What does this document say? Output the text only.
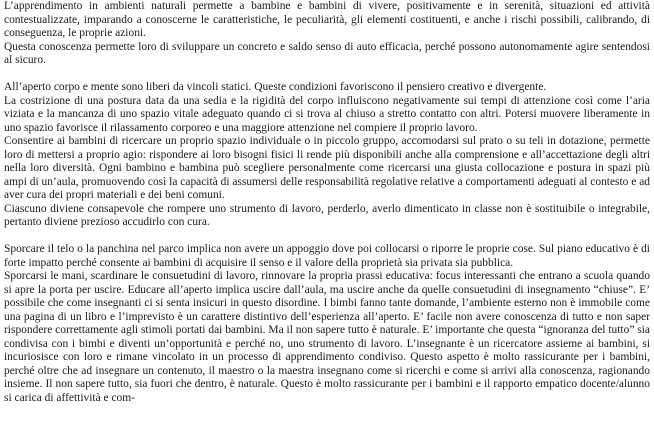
L’apprendimento in ambienti naturali permette a bambine e bambini di vivere, positivamente e in serenità, situazioni ed attività contestualizzate, imparando a conoscerne le caratteristiche, le peculiarità, gli elementi costituenti, e anche i rischi possibili, calibrando, di conseguenza, le proprie azioni.

Questa conoscenza permette loro di sviluppare un concreto e saldo senso di auto efficacia, perché possono autonomamente agire sentendosi al sicuro.

All’aperto corpo e mente sono liberi da vincoli statici. Queste condizioni favoriscono il pensiero creativo e divergente.

La costrizione di una postura data da una sedia e la rigidità del corpo influiscono negativamente sui tempi di attenzione così come l’aria viziata e la mancanza di uno spazio vitale adeguato quando ci si trova al chiuso a stretto contatto con altri. Potersi muovere liberamente in uno spazio favorisce il rilassamento corporeo e una maggiore attenzione nel compiere il proprio lavoro.

Consentire ai bambini di ricercare un proprio spazio individuale o in piccolo gruppo, accomodarsi sul prato o su teli in dotazione, permette loro di mettersi a proprio agio: rispondere ai loro bisogni fisici li rende più disponibili anche alla comprensione e all’accettazione degli altri nella loro diversità. Ogni bambino e bambina può scegliere personalmente come ricercarsi una giusta collocazione e postura in spazi più ampi di un’aula, promuovendo così la capacità di assumersi delle responsabilità regolative relative a comportamenti adeguati al contesto e ad aver cura dei propri materiali e dei beni comuni.

Ciascuno diviene consapevole che rompere uno strumento di lavoro, perderlo, averlo dimenticato in classe non è sostituibile o integrabile, pertanto diviene prezioso accudirlo con cura.

Sporcare il telo o la panchina nel parco implica non avere un appoggio dove poi collocarsi o riporre le proprie cose. Sul piano educativo è di forte impatto perché consente ai bambini di acquisire il senso e il valore della proprietà sia privata sia pubblica.

Sporcarsi le mani, scardinare le consuetudini di lavoro, rinnovare la propria prassi educativa: focus interessanti che entrano a scuola quando si apre la porta per uscire. Educare all’aperto implica uscire dall’aula, ma uscire anche da quelle consuetudini di insegnamento “chiuse”. E’ possibile che come insegnanti ci si senta insicuri in questo disordine. I bimbi fanno tante domande, l’ambiente esterno non è immobile come una pagina di un libro e l’imprevisto è un carattere distintivo dell’esperienza all’aperto. E’ facile non avere conoscenza di tutto e non saper rispondere correttamente agli stimoli portati dai bambini. Ma il non sapere tutto è naturale. E’ importante che questa “ignoranza del tutto” sia condivisa con i bimbi e diventi un’opportunità e perché no, uno strumento di lavoro. L’insegnante è un ricercatore assieme ai bambini, si incuriosisce con loro e rimane vincolato in un processo di apprendimento condiviso. Questo aspetto è molto rassicurante per i bambini, perché oltre che ad insegnare un contenuto, il maestro o la maestra insegnano come si ricerchi e come si arrivi alla conoscenza, ragionando insieme. Il non sapere tutto, sia fuori che dentro, è naturale. Questo è molto rassicurante per i bambini e il rapporto empatico docente/alunno si carica di affettività e com-
